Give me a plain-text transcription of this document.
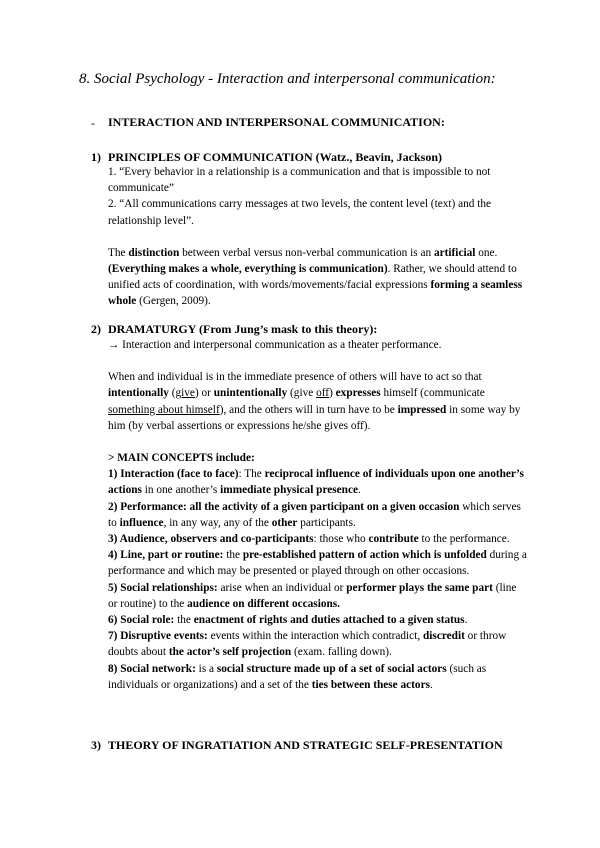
8. Social Psychology - Interaction and interpersonal communication:
- INTERACTION AND INTERPERSONAL COMMUNICATION:
1) PRINCIPLES OF COMMUNICATION (Watz., Beavin, Jackson)

1. “Every behavior in a relationship is a communication and that is impossible to not communicate”

2. “All communications carry messages at two levels, the content level (text) and the relationship level”.

The distinction between verbal versus non-verbal communication is an artificial one. (Everything makes a whole, everything is communication). Rather, we should attend to unified acts of coordination, with words/movements/facial expressions forming a seamless whole (Gergen, 2009).

2) DRAMATURGY (From Jung’s mask to this theory):

→ Interaction and interpersonal communication as a theater performance.

When and individual is in the immediate presence of others will have to act so that intentionally (give) or unintentionally (give off) expresses himself (communicate something about himself), and the others will in turn have to be impressed in some way by him (by verbal assertions or expressions he/she gives off).

> MAIN CONCEPTS include:

1) Interaction (face to face): The reciprocal influence of individuals upon one another’s actions in one another’s immediate physical presence.

2) Performance: all the activity of a given participant on a given occasion which serves to influence, in any way, any of the other participants.

3) Audience, observers and co-participants: those who contribute to the performance.

4) Line, part or routine: the pre-established pattern of action which is unfolded during a performance and which may be presented or played through on other occasions.

5) Social relationships: arise when an individual or performer plays the same part (line or routine) to the audience on different occasions.

6) Social role: the enactment of rights and duties attached to a given status.

7) Disruptive events: events within the interaction which contradict, discredit or throw doubts about the actor’s self projection (exam. falling down).

8) Social network: is a social structure made up of a set of social actors (such as individuals or organizations) and a set of the ties between these actors.

3) THEORY OF INGRATIATION AND STRATEGIC SELF-PRESENTATION
